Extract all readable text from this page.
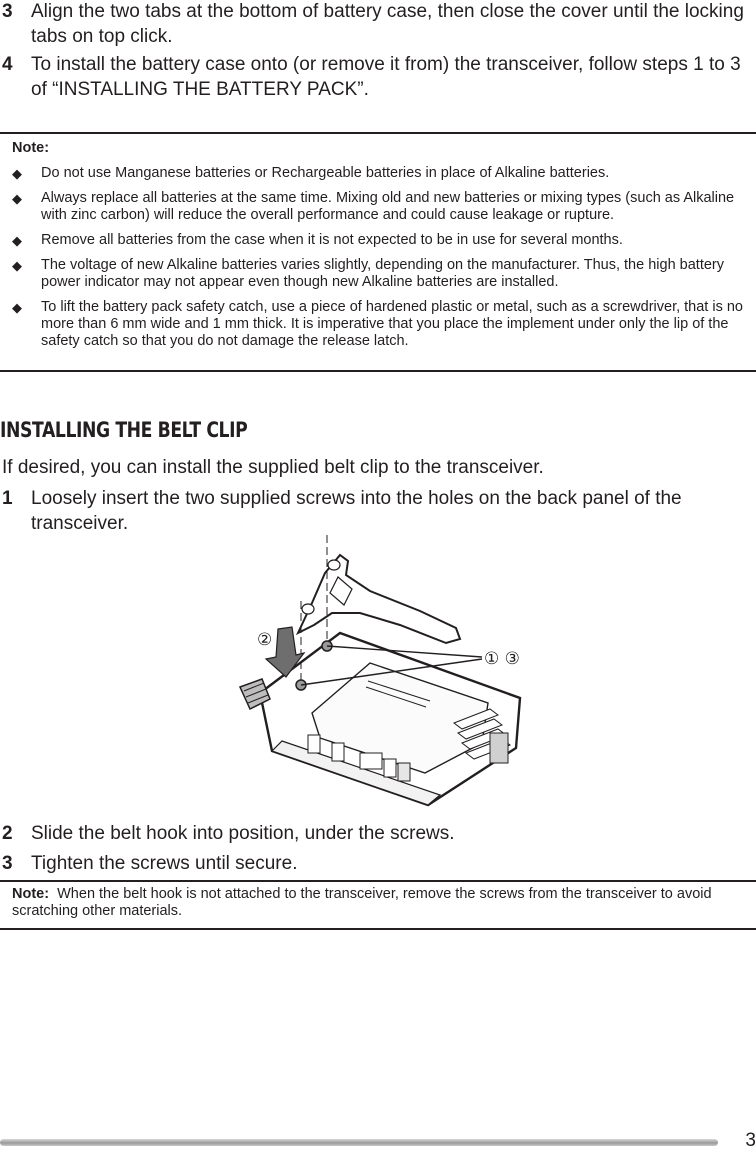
3 Align the two tabs at the bottom of battery case, then close the cover until the locking tabs on top click.
4 To install the battery case onto (or remove it from) the transceiver, follow steps 1 to 3 of “INSTALLING THE BATTERY PACK”.
Note:
◆ Do not use Manganese batteries or Rechargeable batteries in place of Alkaline batteries.
◆ Always replace all batteries at the same time. Mixing old and new batteries or mixing types (such as Alkaline with zinc carbon) will reduce the overall performance and could cause leakage or rupture.
◆ Remove all batteries from the case when it is not expected to be in use for several months.
◆ The voltage of new Alkaline batteries varies slightly, depending on the manufacturer. Thus, the high battery power indicator may not appear even though new Alkaline batteries are installed.
◆ To lift the battery pack safety catch, use a piece of hardened plastic or metal, such as a screwdriver, that is no more than 6 mm wide and 1 mm thick. It is imperative that you place the implement under only the lip of the safety catch so that you do not damage the release latch.
INSTALLING THE BELT CLIP
If desired, you can install the supplied belt clip to the transceiver.
1 Loosely insert the two supplied screws into the holes on the back panel of the transceiver.
②
① ③
2 Slide the belt hook into position, under the screws.
3 Tighten the screws until secure.
Note: When the belt hook is not attached to the transceiver, remove the screws from the transceiver to avoid scratching other materials.
3
